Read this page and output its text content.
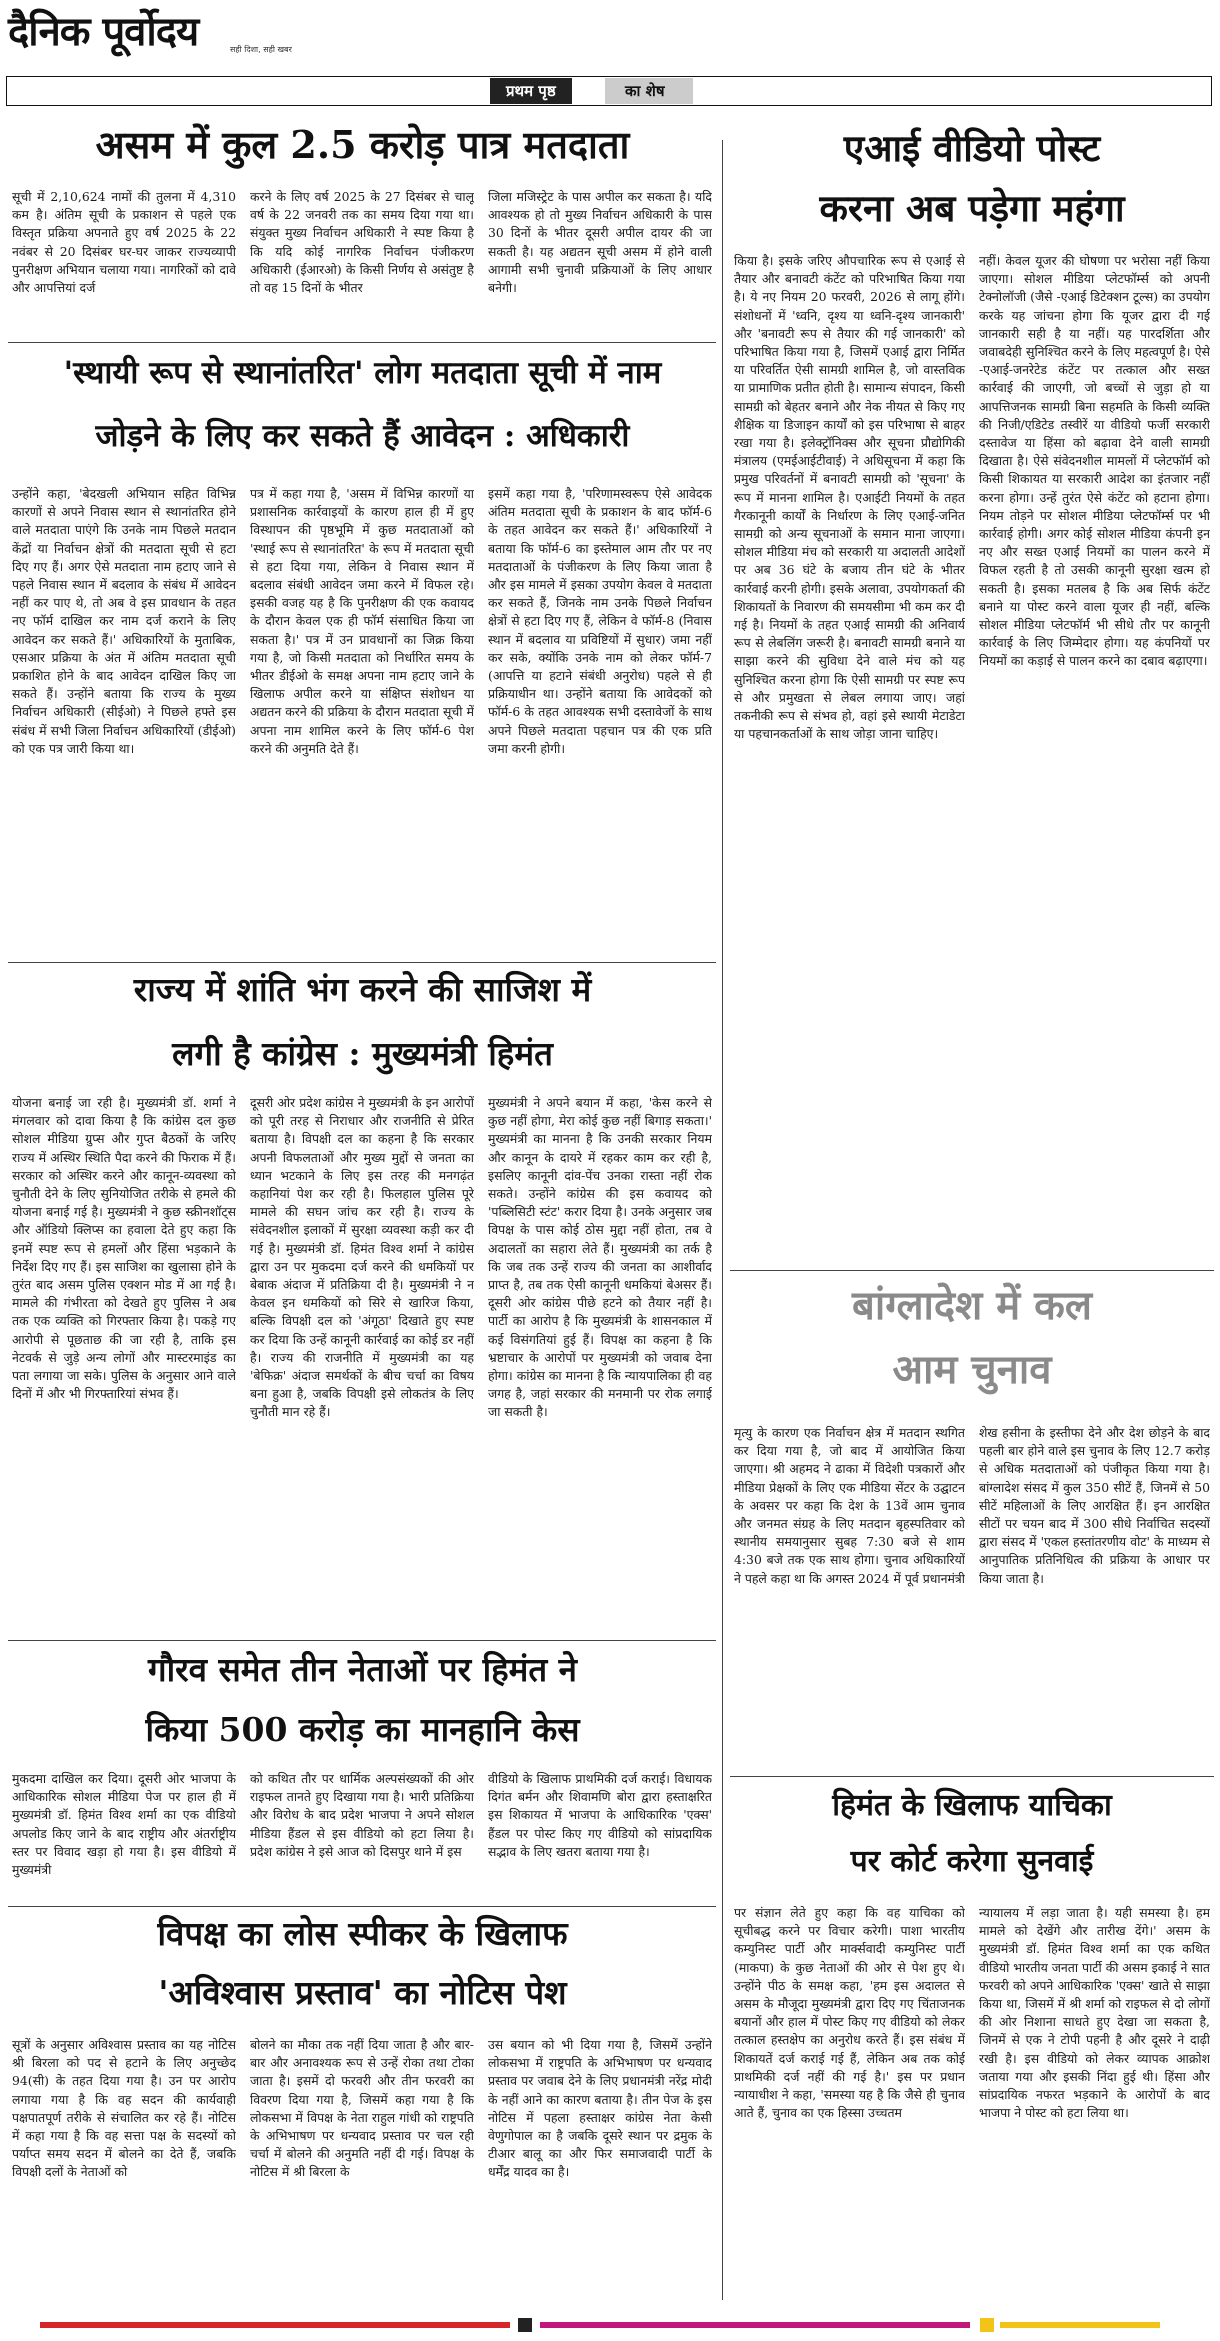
दैनिक पूर्वोदय	सही दिशा, सही खबर
प्रथम पृष्ठ	का शेष
असम में कुल 2.5 करोड़ पात्र मतदाता
सूची में 2,10,624 नामों की तुलना में 4,310 कम है। अंतिम सूची के प्रकाशन से पहले एक विस्तृत प्रक्रिया अपनाते हुए वर्ष 2025 के 22 नवंबर से 20 दिसंबर घर-घर जाकर राज्यव्यापी पुनरीक्षण अभियान चलाया गया। नागरिकों को दावे और आपत्तियां दर्ज
करने के लिए वर्ष 2025 के 27 दिसंबर से चालू वर्ष के 22 जनवरी तक का समय दिया गया था। संयुक्त मुख्य निर्वाचन अधिकारी ने स्पष्ट किया है कि यदि कोई नागरिक निर्वाचन पंजीकरण अधिकारी (ईआरओ) के किसी निर्णय से असंतुष्ट है तो वह 15 दिनों के भीतर
जिला मजिस्ट्रेट के पास अपील कर सकता है। यदि आवश्यक हो तो मुख्य निर्वाचन अधिकारी के पास 30 दिनों के भीतर दूसरी अपील दायर की जा सकती है। यह अद्यतन सूची असम में होने वाली आगामी सभी चुनावी प्रक्रियाओं के लिए आधार बनेगी।
'स्थायी रूप से स्थानांतरित' लोग मतदाता सूची में नाम
जोड़ने के लिए कर सकते हैं आवेदन : अधिकारी
उन्होंने कहा, 'बेदखली अभियान सहित विभिन्न कारणों से अपने निवास स्थान से स्थानांतरित होने वाले मतदाता पाएंगे कि उनके नाम पिछले मतदान केंद्रों या निर्वाचन क्षेत्रों की मतदाता सूची से हटा दिए गए हैं। अगर ऐसे मतदाता नाम हटाए जाने से पहले निवास स्थान में बदलाव के संबंध में आवेदन नहीं कर पाए थे, तो अब वे इस प्रावधान के तहत नए फॉर्म दाखिल कर नाम दर्ज कराने के लिए आवेदन कर सकते हैं।' अधिकारियों के मुताबिक, एसआर प्रक्रिया के अंत में अंतिम मतदाता सूची प्रकाशित होने के बाद आवेदन दाखिल किए जा सकते हैं। उन्होंने बताया कि राज्य के मुख्य निर्वाचन अधिकारी (सीईओ) ने पिछले हफ्ते इस संबंध में सभी जिला निर्वाचन अधिकारियों (डीईओ) को एक पत्र जारी किया था।
पत्र में कहा गया है, 'असम में विभिन्न कारणों या प्रशासनिक कार्रवाइयों के कारण हाल ही में हुए विस्थापन की पृष्ठभूमि में कुछ मतदाताओं को 'स्थाई रूप से स्थानांतरित' के रूप में मतदाता सूची से हटा दिया गया, लेकिन वे निवास स्थान में बदलाव संबंधी आवेदन जमा करने में विफल रहे। इसकी वजह यह है कि पुनरीक्षण की एक कवायद के दौरान केवल एक ही फॉर्म संसाधित किया जा सकता है।' पत्र में उन प्रावधानों का जिक्र किया गया है, जो किसी मतदाता को निर्धारित समय के भीतर डीईओ के समक्ष अपना नाम हटाए जाने के खिलाफ अपील करने या संक्षिप्त संशोधन या अद्यतन करने की प्रक्रिया के दौरान मतदाता सूची में अपना नाम शामिल करने के लिए फॉर्म-6 पेश करने की अनुमति देते हैं।
इसमें कहा गया है, 'परिणामस्वरूप ऐसे आवेदक अंतिम मतदाता सूची के प्रकाशन के बाद फॉर्म-6 के तहत आवेदन कर सकते हैं।' अधिकारियों ने बताया कि फॉर्म-6 का इस्तेमाल आम तौर पर नए मतदाताओं के पंजीकरण के लिए किया जाता है और इस मामले में इसका उपयोग केवल वे मतदाता कर सकते हैं, जिनके नाम उनके पिछले निर्वाचन क्षेत्रों से हटा दिए गए हैं, लेकिन वे फॉर्म-8 (निवास स्थान में बदलाव या प्रविष्टियों में सुधार) जमा नहीं कर सके, क्योंकि उनके नाम को लेकर फॉर्म-7 (आपत्ति या हटाने संबंधी अनुरोध) पहले से ही प्रक्रियाधीन था। उन्होंने बताया कि आवेदकों को फॉर्म-6 के तहत आवश्यक सभी दस्तावेजों के साथ अपने पिछले मतदाता पहचान पत्र की एक प्रति जमा करनी होगी।
राज्य में शांति भंग करने की साजिश में
लगी है कांग्रेस : मुख्यमंत्री हिमंत
योजना बनाई जा रही है। मुख्यमंत्री डॉ. शर्मा ने मंगलवार को दावा किया है कि कांग्रेस दल कुछ सोशल मीडिया ग्रुप्स और गुप्त बैठकों के जरिए राज्य में अस्थिर स्थिति पैदा करने की फिराक में हैं। सरकार को अस्थिर करने और कानून-व्यवस्था को चुनौती देने के लिए सुनियोजित तरीके से हमले की योजना बनाई गई है। मुख्यमंत्री ने कुछ स्क्रीनशॉट्स और ऑडियो क्लिप्स का हवाला देते हुए कहा कि इनमें स्पष्ट रूप से हमलों और हिंसा भड़काने के निर्देश दिए गए हैं। इस साजिश का खुलासा होने के तुरंत बाद असम पुलिस एक्शन मोड में आ गई है। मामले की गंभीरता को देखते हुए पुलिस ने अब तक एक व्यक्ति को गिरफ्तार किया है। पकड़े गए आरोपी से पूछताछ की जा रही है, ताकि इस नेटवर्क से जुड़े अन्य लोगों और मास्टरमाइंड का पता लगाया जा सके। पुलिस के अनुसार आने वाले दिनों में और भी गिरफ्तारियां संभव हैं।
दूसरी ओर प्रदेश कांग्रेस ने मुख्यमंत्री के इन आरोपों को पूरी तरह से निराधार और राजनीति से प्रेरित बताया है। विपक्षी दल का कहना है कि सरकार अपनी विफलताओं और मुख्य मुद्दों से जनता का ध्यान भटकाने के लिए इस तरह की मनगढ़ंत कहानियां पेश कर रही है। फिलहाल पुलिस पूरे मामले की सघन जांच कर रही है। राज्य के संवेदनशील इलाकों में सुरक्षा व्यवस्था कड़ी कर दी गई है। मुख्यमंत्री डॉ. हिमंत विश्व शर्मा ने कांग्रेस द्वारा उन पर मुकदमा दर्ज करने की धमकियों पर बेबाक अंदाज में प्रतिक्रिया दी है। मुख्यमंत्री ने न केवल इन धमकियों को सिरे से खारिज किया, बल्कि विपक्षी दल को 'अंगूठा' दिखाते हुए स्पष्ट कर दिया कि उन्हें कानूनी कार्रवाई का कोई डर नहीं है। राज्य की राजनीति में मुख्यमंत्री का यह 'बेफिक्र' अंदाज समर्थकों के बीच चर्चा का विषय बना हुआ है, जबकि विपक्षी इसे लोकतंत्र के लिए चुनौती मान रहे हैं।
मुख्यमंत्री ने अपने बयान में कहा, 'केस करने से कुछ नहीं होगा, मेरा कोई कुछ नहीं बिगाड़ सकता।' मुख्यमंत्री का मानना है कि उनकी सरकार नियम और कानून के दायरे में रहकर काम कर रही है, इसलिए कानूनी दांव-पेंच उनका रास्ता नहीं रोक सकते। उन्होंने कांग्रेस की इस कवायद को 'पब्लिसिटी स्टंट' करार दिया है। उनके अनुसार जब विपक्ष के पास कोई ठोस मुद्दा नहीं होता, तब वे अदालतों का सहारा लेते हैं। मुख्यमंत्री का तर्क है कि जब तक उन्हें राज्य की जनता का आशीर्वाद प्राप्त है, तब तक ऐसी कानूनी धमकियां बेअसर हैं। दूसरी ओर कांग्रेस पीछे हटने को तैयार नहीं है। पार्टी का आरोप है कि मुख्यमंत्री के शासनकाल में कई विसंगतियां हुई हैं। विपक्ष का कहना है कि भ्रष्टाचार के आरोपों पर मुख्यमंत्री को जवाब देना होगा। कांग्रेस का मानना है कि न्यायपालिका ही वह जगह है, जहां सरकार की मनमानी पर रोक लगाई जा सकती है।
गौरव समेत तीन नेताओं पर हिमंत ने
किया 500 करोड़ का मानहानि केस
मुकदमा दाखिल कर दिया। दूसरी ओर भाजपा के आधिकारिक सोशल मीडिया पेज पर हाल ही में मुख्यमंत्री डॉ. हिमंत विश्व शर्मा का एक वीडियो अपलोड किए जाने के बाद राष्ट्रीय और अंतर्राष्ट्रीय स्तर पर विवाद खड़ा हो गया है। इस वीडियो में मुख्यमंत्री
को कथित तौर पर धार्मिक अल्पसंख्यकों की ओर राइफल तानते हुए दिखाया गया है। भारी प्रतिक्रिया और विरोध के बाद प्रदेश भाजपा ने अपने सोशल मीडिया हैंडल से इस वीडियो को हटा लिया है। प्रदेश कांग्रेस ने इसे आज को दिसपुर थाने में इस
वीडियो के खिलाफ प्राथमिकी दर्ज कराई। विधायक दिगंत बर्मन और शिवामणि बोरा द्वारा हस्ताक्षरित इस शिकायत में भाजपा के आधिकारिक 'एक्स' हैंडल पर पोस्ट किए गए वीडियो को सांप्रदायिक सद्भाव के लिए खतरा बताया गया है।
विपक्ष का लोस स्पीकर के खिलाफ
'अविश्वास प्रस्ताव' का नोटिस पेश
सूत्रों के अनुसार अविश्वास प्रस्ताव का यह नोटिस श्री बिरला को पद से हटाने के लिए अनुच्छेद 94(सी) के तहत दिया गया है। उन पर आरोप लगाया गया है कि वह सदन की कार्यवाही पक्षपातपूर्ण तरीके से संचालित कर रहे हैं। नोटिस में कहा गया है कि वह सत्ता पक्ष के सदस्यों को पर्याप्त समय सदन में बोलने का देते हैं, जबकि विपक्षी दलों के नेताओं को
बोलने का मौका तक नहीं दिया जाता है और बार-बार और अनावश्यक रूप से उन्हें रोका तथा टोका जाता है। इसमें दो फरवरी और तीन फरवरी का विवरण दिया गया है, जिसमें कहा गया है कि लोकसभा में विपक्ष के नेता राहुल गांधी को राष्ट्रपति के अभिभाषण पर धन्यवाद प्रस्ताव पर चल रही चर्चा में बोलने की अनुमति नहीं दी गई। विपक्ष के नोटिस में श्री बिरला के
उस बयान को भी दिया गया है, जिसमें उन्होंने लोकसभा में राष्ट्रपति के अभिभाषण पर धन्यवाद प्रस्ताव पर जवाब देने के लिए प्रधानमंत्री नरेंद्र मोदी के नहीं आने का कारण बताया है। तीन पेज के इस नोटिस में पहला हस्ताक्षर कांग्रेस नेता केसी वेणुगोपाल का है जबकि दूसरे स्थान पर द्रमुक के टीआर बालू का और फिर समाजवादी पार्टी के धर्मेंद्र यादव का है।
एआई वीडियो पोस्ट
करना अब पड़ेगा महंगा
किया है। इसके जरिए औपचारिक रूप से एआई से तैयार और बनावटी कंटेंट को परिभाषित किया गया है। ये नए नियम 20 फरवरी, 2026 से लागू होंगे। संशोधनों में 'ध्वनि, दृश्य या ध्वनि-दृश्य जानकारी' और 'बनावटी रूप से तैयार की गई जानकारी' को परिभाषित किया गया है, जिसमें एआई द्वारा निर्मित या परिवर्तित ऐसी सामग्री शामिल है, जो वास्तविक या प्रामाणिक प्रतीत होती है। सामान्य संपादन, किसी सामग्री को बेहतर बनाने और नेक नीयत से किए गए शैक्षिक या डिजाइन कार्यों को इस परिभाषा से बाहर रखा गया है। इलेक्ट्रॉनिक्स और सूचना प्रौद्योगिकी मंत्रालय (एमईआईटीवाई) ने अधिसूचना में कहा कि प्रमुख परिवर्तनों में बनावटी सामग्री को 'सूचना' के रूप में मानना शामिल है। एआईटी नियमों के तहत गैरकानूनी कार्यों के निर्धारण के लिए एआई-जनित सामग्री को अन्य सूचनाओं के समान माना जाएगा। सोशल मीडिया मंच को सरकारी या अदालती आदेशों पर अब 36 घंटे के बजाय तीन घंटे के भीतर कार्रवाई करनी होगी। इसके अलावा, उपयोगकर्ता की शिकायतों के निवारण की समयसीमा भी कम कर दी गई है। नियमों के तहत एआई सामग्री की अनिवार्य रूप से लेबलिंग जरूरी है। बनावटी सामग्री बनाने या साझा करने की सुविधा देने वाले मंच को यह सुनिश्चित करना होगा कि ऐसी सामग्री पर स्पष्ट रूप से और प्रमुखता से लेबल लगाया जाए। जहां तकनीकी रूप से संभव हो, वहां इसे स्थायी मेटाडेटा या पहचानकर्ताओं के साथ जोड़ा जाना चाहिए।
नहीं। केवल यूजर की घोषणा पर भरोसा नहीं किया जाएगा। सोशल मीडिया प्लेटफॉर्म्स को अपनी टेक्नोलॉजी (जैसे -एआई डिटेक्शन टूल्स) का उपयोग करके यह जांचना होगा कि यूजर द्वारा दी गई जानकारी सही है या नहीं। यह पारदर्शिता और जवाबदेही सुनिश्चित करने के लिए महत्वपूर्ण है। ऐसे -एआई-जनरेटेड कंटेंट पर तत्काल और सख्त कार्रवाई की जाएगी, जो बच्चों से जुड़ा हो या आपत्तिजनक सामग्री बिना सहमति के किसी व्यक्ति की निजी/एडिटेड तस्वीरें या वीडियो फर्जी सरकारी दस्तावेज या हिंसा को बढ़ावा देने वाली सामग्री दिखाता है। ऐसे संवेदनशील मामलों में प्लेटफॉर्म को किसी शिकायत या सरकारी आदेश का इंतजार नहीं करना होगा। उन्हें तुरंत ऐसे कंटेंट को हटाना होगा। नियम तोड़ने पर सोशल मीडिया प्लेटफॉर्म्स पर भी कार्रवाई होगी। अगर कोई सोशल मीडिया कंपनी इन नए और सख्त एआई नियमों का पालन करने में विफल रहती है तो उसकी कानूनी सुरक्षा खत्म हो सकती है। इसका मतलब है कि अब सिर्फ कंटेंट बनाने या पोस्ट करने वाला यूजर ही नहीं, बल्कि सोशल मीडिया प्लेटफॉर्म भी सीधे तौर पर कानूनी कार्रवाई के लिए जिम्मेदार होगा। यह कंपनियों पर नियमों का कड़ाई से पालन करने का दबाव बढ़ाएगा।
बांग्लादेश में कल
आम चुनाव
मृत्यु के कारण एक निर्वाचन क्षेत्र में मतदान स्थगित कर दिया गया है, जो बाद में आयोजित किया जाएगा। श्री अहमद ने ढाका में विदेशी पत्रकारों और मीडिया प्रेक्षकों के लिए एक मीडिया सेंटर के उद्घाटन के अवसर पर कहा कि देश के 13वें आम चुनाव और जनमत संग्रह के लिए मतदान बृहस्पतिवार को स्थानीय समयानुसार सुबह 7:30 बजे से शाम 4:30 बजे तक एक साथ होगा। चुनाव अधिकारियों ने पहले कहा था कि अगस्त 2024 में पूर्व प्रधानमंत्री
शेख हसीना के इस्तीफा देने और देश छोड़ने के बाद पहली बार होने वाले इस चुनाव के लिए 12.7 करोड़ से अधिक मतदाताओं को पंजीकृत किया गया है। बांग्लादेश संसद में कुल 350 सीटें हैं, जिनमें से 50 सीटें महिलाओं के लिए आरक्षित हैं। इन आरक्षित सीटों पर चयन बाद में 300 सीधे निर्वाचित सदस्यों द्वारा संसद में 'एकल हस्तांतरणीय वोट' के माध्यम से आनुपातिक प्रतिनिधित्व की प्रक्रिया के आधार पर किया जाता है।
हिमंत के खिलाफ याचिका
पर कोर्ट करेगा सुनवाई
पर संज्ञान लेते हुए कहा कि वह याचिका को सूचीबद्ध करने पर विचार करेगी। पाशा भारतीय कम्युनिस्ट पार्टी और मार्क्सवादी कम्युनिस्ट पार्टी (माकपा) के कुछ नेताओं की ओर से पेश हुए थे। उन्होंने पीठ के समक्ष कहा, 'हम इस अदालत से असम के मौजूदा मुख्यमंत्री द्वारा दिए गए चिंताजनक बयानों और हाल में पोस्ट किए गए वीडियो को लेकर तत्काल हस्तक्षेप का अनुरोध करते हैं। इस संबंध में शिकायतें दर्ज कराई गई हैं, लेकिन अब तक कोई प्राथमिकी दर्ज नहीं की गई है।' इस पर प्रधान न्यायाधीश ने कहा, 'समस्या यह है कि जैसे ही चुनाव आते हैं, चुनाव का एक हिस्सा उच्चतम
न्यायालय में लड़ा जाता है। यही समस्या है। हम मामले को देखेंगे और तारीख देंगे।' असम के मुख्यमंत्री डॉ. हिमंत विश्व शर्मा का एक कथित वीडियो भारतीय जनता पार्टी की असम इकाई ने सात फरवरी को अपने आधिकारिक 'एक्स' खाते से साझा किया था, जिसमें में श्री शर्मा को राइफल से दो लोगों की ओर निशाना साधते हुए देखा जा सकता है, जिनमें से एक ने टोपी पहनी है और दूसरे ने दाढ़ी रखी है। इस वीडियो को लेकर व्यापक आक्रोश जताया गया और इसकी निंदा हुई थी। हिंसा और सांप्रदायिक नफरत भड़काने के आरोपों के बाद भाजपा ने पोस्ट को हटा लिया था।
